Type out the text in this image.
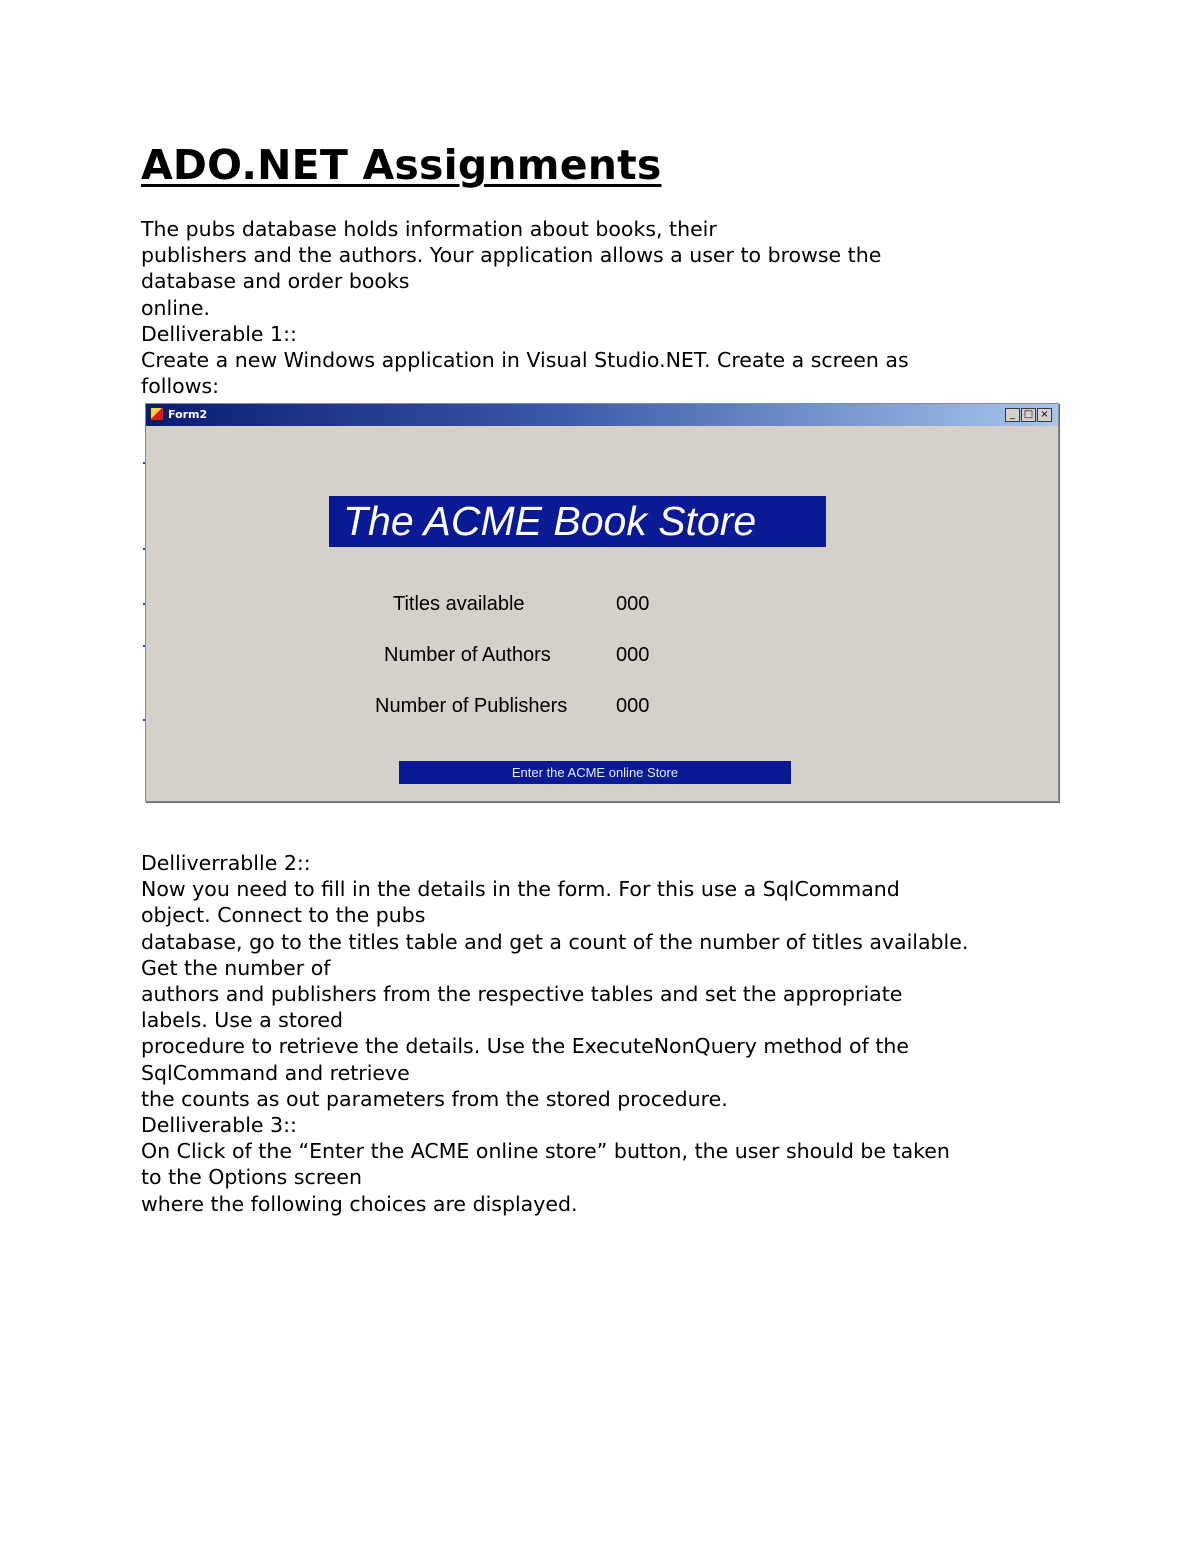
ADO.NET Assignments
The pubs database holds information about books, their
publishers and the authors. Your application allows a user to browse the
database and order books
online.
Delliverable 1::
Create a new Windows application in Visual Studio.NET. Create a screen as
follows:
Form2	_ □ ×
The ACME Book Store
Titles available	000
Number of Authors	000
Number of Publishers 000
Enter the ACME online Store
Delliverrablle 2::
Now you need to fill in the details in the form. For this use a SqlCommand
object. Connect to the pubs
database, go to the titles table and get a count of the number of titles available.
Get the number of
authors and publishers from the respective tables and set the appropriate
labels. Use a stored
procedure to retrieve the details. Use the ExecuteNonQuery method of the
SqlCommand and retrieve
the counts as out parameters from the stored procedure.
Delliverable 3::
On Click of the “Enter the ACME online store” button, the user should be taken
to the Options screen
where the following choices are displayed.
